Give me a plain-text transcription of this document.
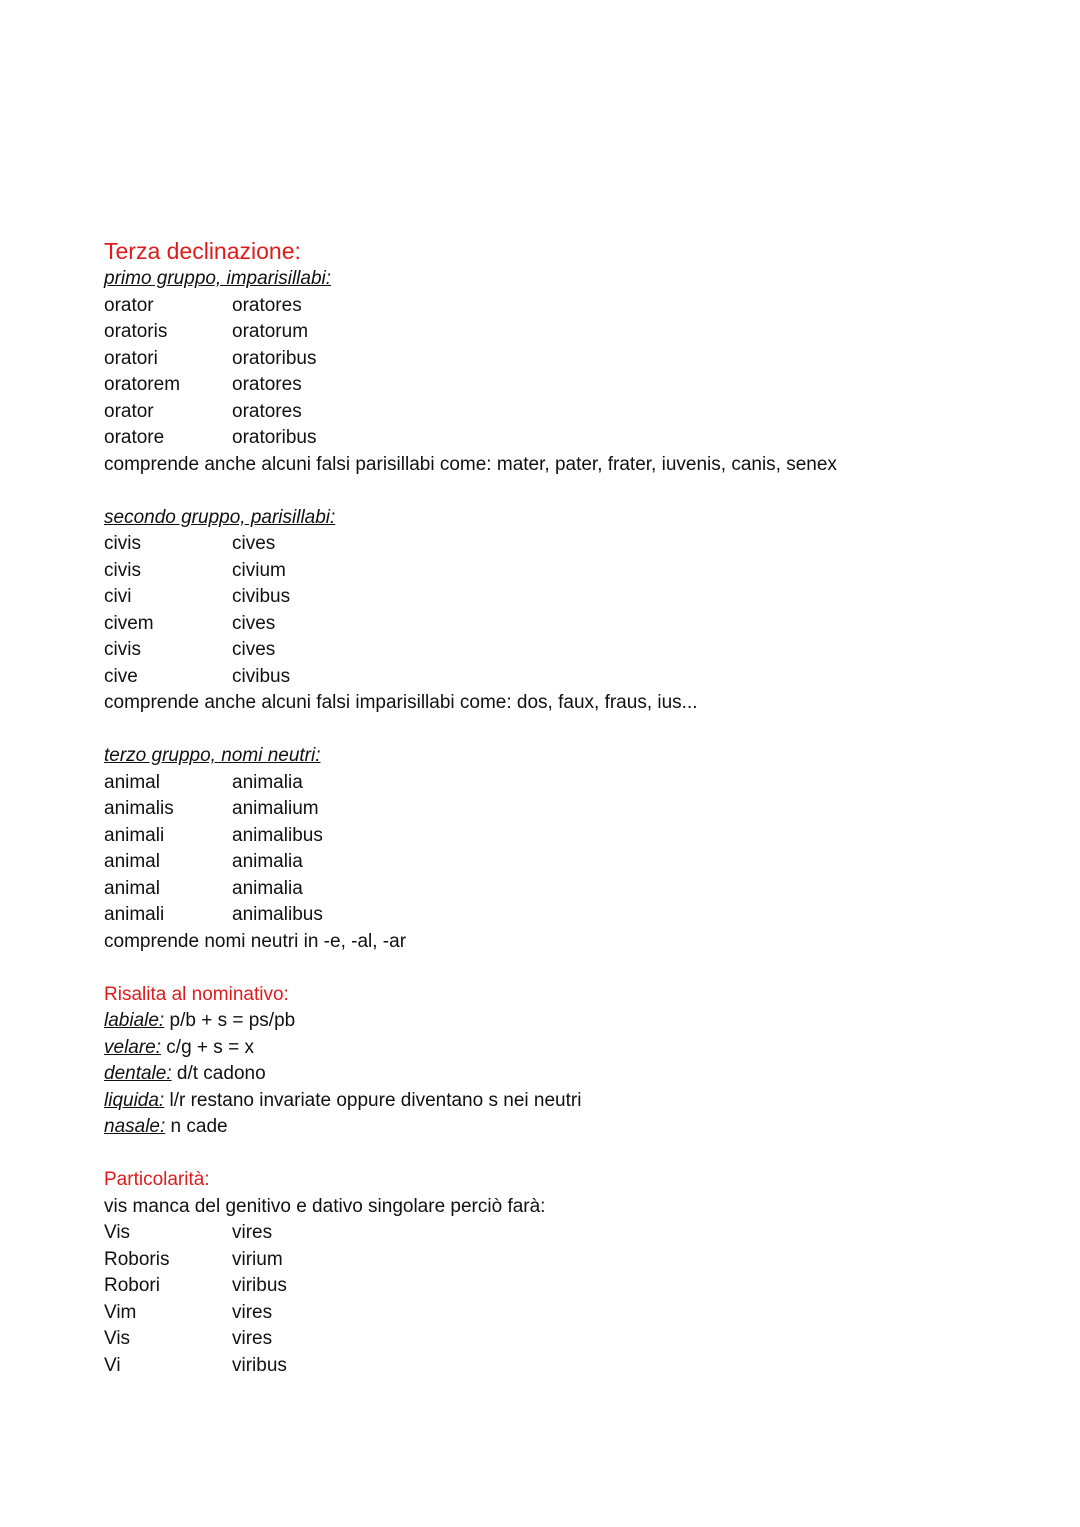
Terza declinazione:
primo gruppo, imparisillabi:
orator	oratores
oratoris	oratorum
oratori	oratoribus
oratorem	oratores
orator	oratores
oratore	oratoribus
comprende anche alcuni falsi parisillabi come: mater, pater, frater, iuvenis, canis, senex
secondo gruppo, parisillabi:
civis	cives
civis	civium
civi	civibus
civem	cives
civis	cives
cive	civibus
comprende anche alcuni falsi imparisillabi come: dos, faux, fraus, ius...
terzo gruppo, nomi neutri:
animal	animalia
animalis	animalium
animali	animalibus
animal	animalia
animal	animalia
animali	animalibus
comprende nomi neutri in -e, -al, -ar
Risalita al nominativo:
labiale: p/b + s = ps/pb
velare: c/g + s = x
dentale: d/t cadono
liquida: l/r restano invariate oppure diventano s nei neutri
nasale: n cade
Particolarità:
vis manca del genitivo e dativo singolare perciò farà:
Vis	vires
Roboris	virium
Robori	viribus
Vim	vires
Vis	vires
Vi	viribus
